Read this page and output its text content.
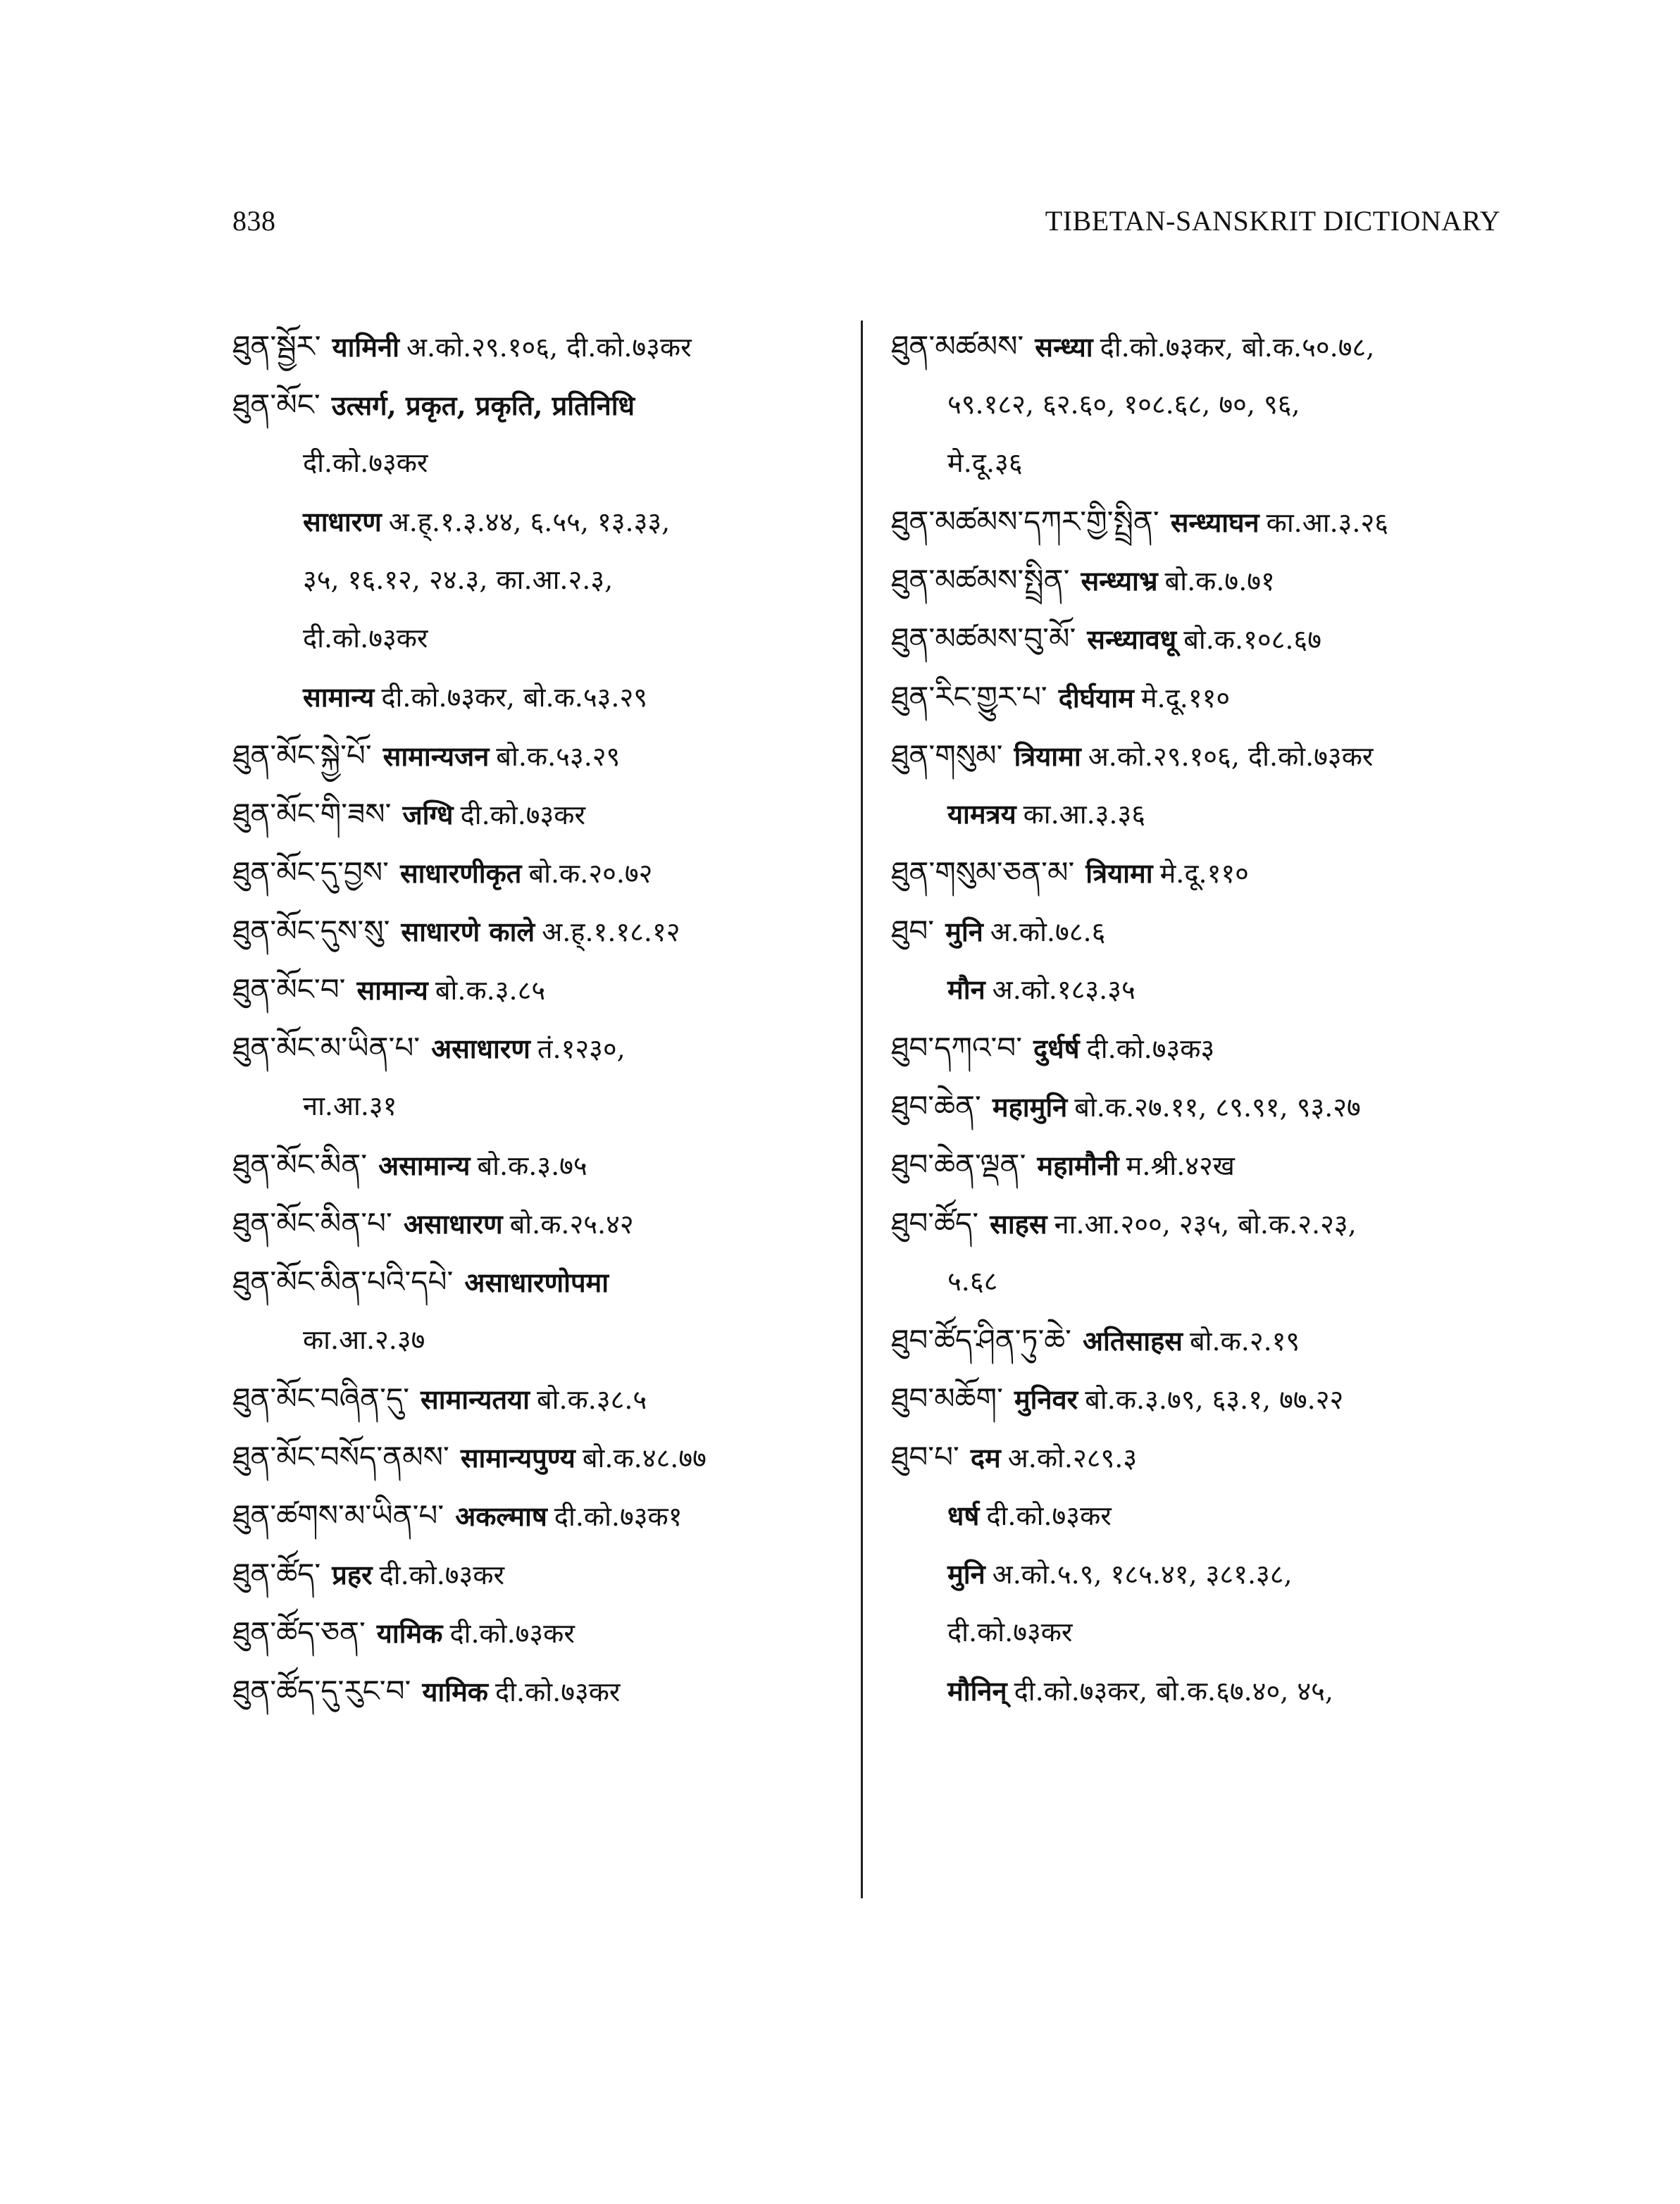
838	TIBETAN-SANSKRIT DICTIONARY
ཐུན་སྦྱོར་ यामिनी अ.को.२९.१०६, दी.को.७३कर
ཐུན་མོང་ उत्सर्ग, प्रकृत, प्रकृति, प्रतिनिधि
दी.को.७३कर
साधारण अ.ह्.१.३.४४, ६.५५, १३.३३,
३५, १६.१२, २४.३, का.आ.२.३,
दी.को.७३कर
सामान्य दी.को.७३कर, बो.क.५३.२९
ཐུན་མོང་སྐྱེ་པོ་ सामान्यजन बो.क.५३.२९
ཐུན་མོང་གི་ཟས་ जग्धि दी.को.७३कर
ཐུན་མོང་དུ་བྱས་ साधारणीकृत बो.क.२०.७२
ཐུན་མོང་དུས་སུ་ साधारणे काले अ.ह्.१.१८.१२
ཐུན་མོང་བ་ सामान्य बो.क.३.८५
ཐུན་མོང་མ་ཡིན་པ་ असाधारण तं.१२३०,
ना.आ.३१
ཐུན་མོང་མིན་ असामान्य बो.क.३.७५
ཐུན་མོང་མིན་པ་ असाधारण बो.क.२५.४२
ཐུན་མོང་མིན་པའི་དཔེ་ असाधारणोपमा
का.आ.२.३७
ཐུན་མོང་བཞིན་དུ་ सामान्यतया बो.क.३८.५
ཐུན་མོང་བསོད་ནམས་ सामान्यपुण्य बो.क.४८.७७
ཐུན་ཚགས་མ་ཡིན་པ་ अकल्माष दी.को.७३क१
ཐུན་ཚོད་ प्रहर दी.को.७३कर
ཐུན་ཚོད་ཅན་ यामिक दी.को.७३कर
ཐུན་ཚོད་དུ་རུང་བ་ यामिक दी.को.७३कर
ཐུན་མཚམས་ सन्ध्या दी.को.७३कर, बो.क.५०.७८,
५९.१८२, ६२.६०, १०८.६८, ७०, ९६,
मे.दू.३६
ཐུན་མཚམས་དཀར་གྱི་སྤྲིན་ सन्ध्याघन का.आ.३.२६
ཐུན་མཚམས་སྤྲིན་ सन्ध्याभ्र बो.क.७.७१
ཐུན་མཚམས་བུ་མོ་ सन्ध्यावधू बो.क.१०८.६७
ཐུན་རིང་གྱུར་པ་ दीर्घयाम मे.दू.११०
ཐུན་གསུམ་ त्रियामा अ.को.२९.१०६, दी.को.७३कर
यामत्रय का.आ.३.३६
ཐུན་གསུམ་ཅན་མ་ त्रियामा मे.दू.११०
ཐུབ་ मुनि अ.को.७८.६
मौन अ.को.१८३.३५
ཐུབ་དཀའ་བ་ दुर्धर्ष दी.को.७३क३
ཐུབ་ཆེན་ महामुनि बो.क.२७.११, ८९.९१, ९३.२७
ཐུབ་ཆེན་ལྡན་ महामौनी म.श्री.४२ख
ཐུབ་ཚོད་ साहस ना.आ.२००, २३५, बो.क.२.२३,
५.६८
ཐུབ་ཚོད་ཤིན་ཏུ་ཆེ་ अतिसाहस बो.क.२.१९
ཐུབ་མཆོག་ मुनिवर बो.क.३.७९, ६३.१, ७७.२२
ཐུབ་པ་ दम अ.को.२८९.३
धर्ष दी.को.७३कर
मुनि अ.को.५.९, १८५.४१, ३८१.३८,
दी.को.७३कर
मौनिन् दी.को.७३कर, बो.क.६७.४०, ४५,
